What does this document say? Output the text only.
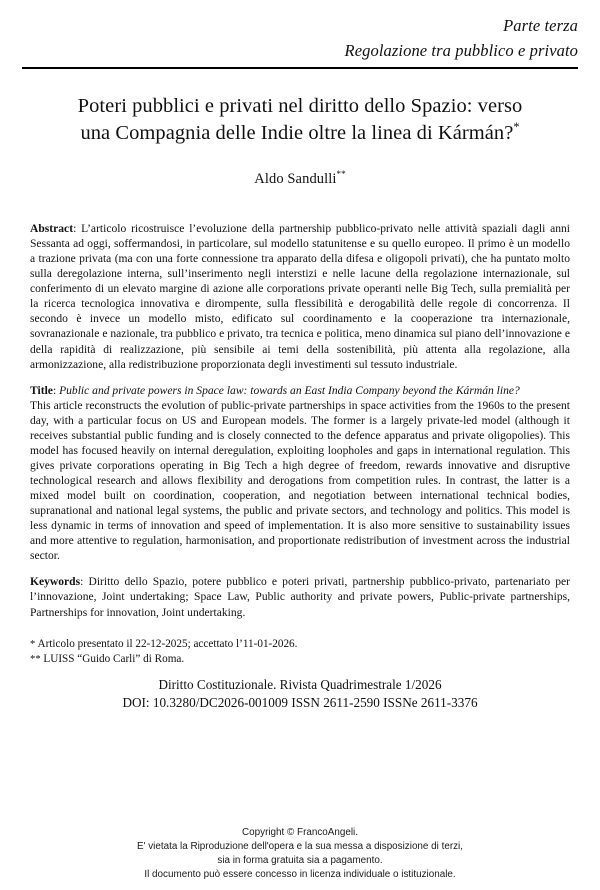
Parte terza
Regolazione tra pubblico e privato
Poteri pubblici e privati nel diritto dello Spazio: verso
una Compagnia delle Indie oltre la linea di Kármán?*
Aldo Sandulli**

Abstract: L’articolo ricostruisce l’evoluzione della partnership pubblico-privato nelle attività spaziali dagli anni Sessanta ad oggi, soffermandosi, in particolare, sul modello statunitense e su quello europeo. Il primo è un modello a trazione privata (ma con una forte connessione tra apparato della difesa e oligopoli privati), che ha puntato molto sulla deregolazione interna, sull’inserimento negli interstizi e nelle lacune della regolazione internazionale, sul conferimento di un elevato margine di azione alle corporations private operanti nelle Big Tech, sulla premialità per la ricerca tecnologica innovativa e dirompente, sulla flessibilità e derogabilità delle regole di concorrenza. Il secondo è invece un modello misto, edificato sul coordinamento e la cooperazione tra internazionale, sovranazionale e nazionale, tra pubblico e privato, tra tecnica e politica, meno dinamica sul piano dell’innovazione e della rapidità di realizzazione, più sensibile ai temi della sostenibilità, più attenta alla regolazione, alla armonizzazione, alla redistribuzione proporzionata degli investimenti sul tessuto industriale.

Title: Public and private powers in Space law: towards an East India Company beyond the Kármán line?
This article reconstructs the evolution of public-private partnerships in space activities from the 1960s to the present day, with a particular focus on US and European models. The former is a largely private-led model (although it receives substantial public funding and is closely connected to the defence apparatus and private oligopolies). This model has focused heavily on internal deregulation, exploiting loopholes and gaps in international regulation. This gives private corporations operating in Big Tech a high degree of freedom, rewards innovative and disruptive technological research and allows flexibility and derogations from competition rules. In contrast, the latter is a mixed model built on coordination, cooperation, and negotiation between international technical bodies, supranational and national legal systems, the public and private sectors, and technology and politics. This model is less dynamic in terms of innovation and speed of implementation. It is also more sensitive to sustainability issues and more attentive to regulation, harmonisation, and proportionate redistribution of investment across the industrial sector.

Keywords: Diritto dello Spazio, potere pubblico e poteri privati, partnership pubblico-privato, partenariato per l’innovazione, Joint undertaking; Space Law, Public authority and private powers, Public-private partnerships, Partnerships for innovation, Joint undertaking.

* Articolo presentato il 22-12-2025; accettato l’11-01-2026.

** LUISS “Guido Carli” di Roma.

Diritto Costituzionale. Rivista Quadrimestrale 1/2026
DOI: 10.3280/DC2026-001009 ISSN 2611-2590 ISSNe 2611-3376
Copyright © FrancoAngeli.
E' vietata la Riproduzione dell'opera e la sua messa a disposizione di terzi,
sia in forma gratuita sia a pagamento.
Il documento può essere concesso in licenza individuale o istituzionale.
